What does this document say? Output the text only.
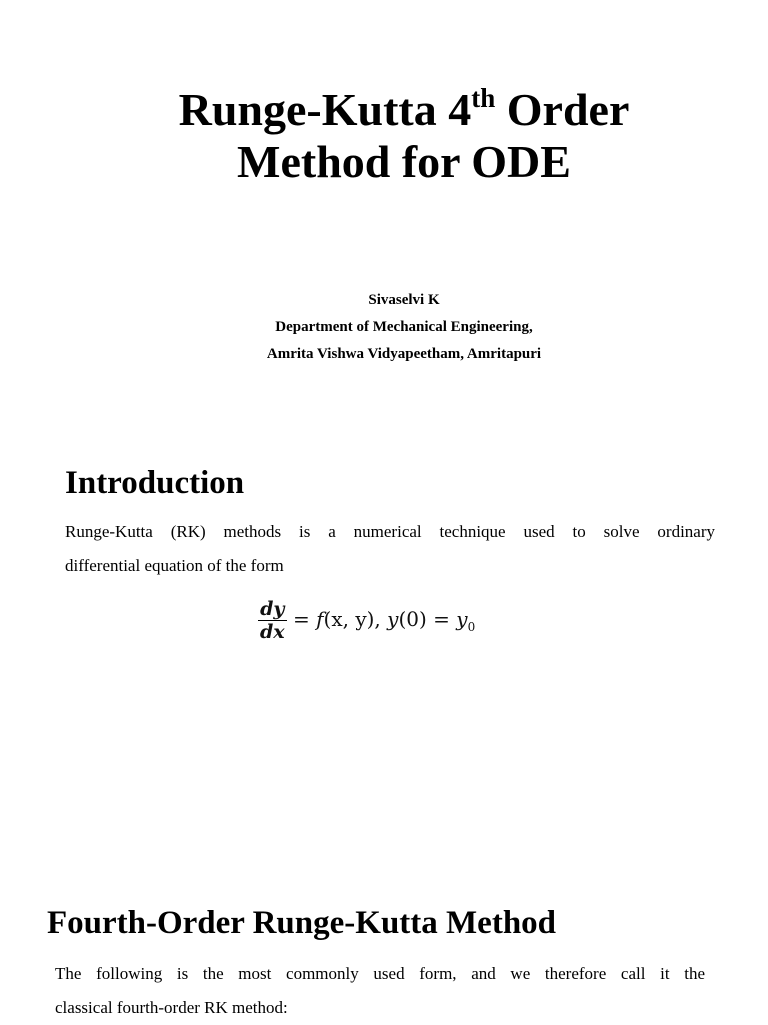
Runge-Kutta 4th Order
Method for ODE
Sivaselvi K
Department of Mechanical Engineering,
Amrita Vishwa Vidyapeetham, Amritapuri
Introduction
Runge-Kutta (RK) methods is a numerical technique used to solve ordinary
differential equation of the form
$\frac{dy}{dx} = f(x$, y), $y(0) = y_0$
Fourth-Order Runge-Kutta Method
The following is the most commonly used form, and we therefore call it the
classical fourth-order RK method:
